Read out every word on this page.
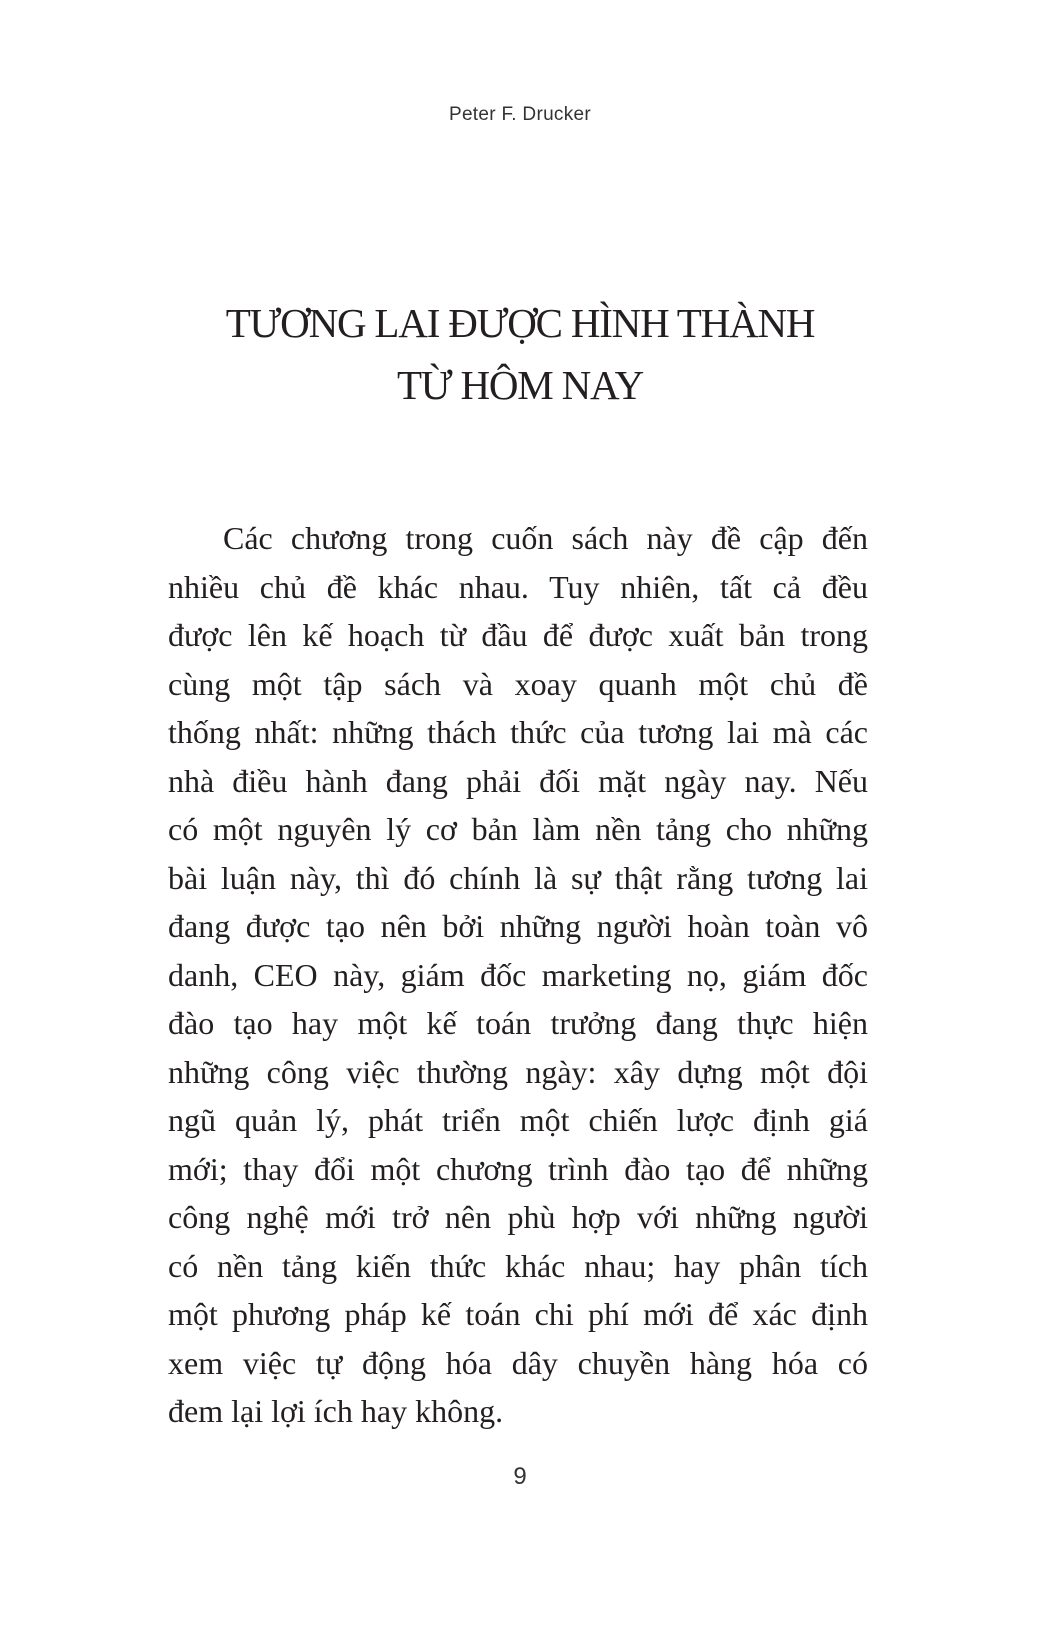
Peter F. Drucker
TƯƠNG LAI ĐƯỢC HÌNH THÀNH
TỪ HÔM NAY
Các chương trong cuốn sách này đề cập đến
nhiều chủ đề khác nhau. Tuy nhiên, tất cả đều
được lên kế hoạch từ đầu để được xuất bản trong
cùng một tập sách và xoay quanh một chủ đề
thống nhất: những thách thức của tương lai mà các
nhà điều hành đang phải đối mặt ngày nay. Nếu
có một nguyên lý cơ bản làm nền tảng cho những
bài luận này, thì đó chính là sự thật rằng tương lai
đang được tạo nên bởi những người hoàn toàn vô
danh, CEO này, giám đốc marketing nọ, giám đốc
đào tạo hay một kế toán trưởng đang thực hiện
những công việc thường ngày: xây dựng một đội
ngũ quản lý, phát triển một chiến lược định giá
mới; thay đổi một chương trình đào tạo để những
công nghệ mới trở nên phù hợp với những người
có nền tảng kiến thức khác nhau; hay phân tích
một phương pháp kế toán chi phí mới để xác định
xem việc tự động hóa dây chuyền hàng hóa có
đem lại lợi ích hay không.
9
